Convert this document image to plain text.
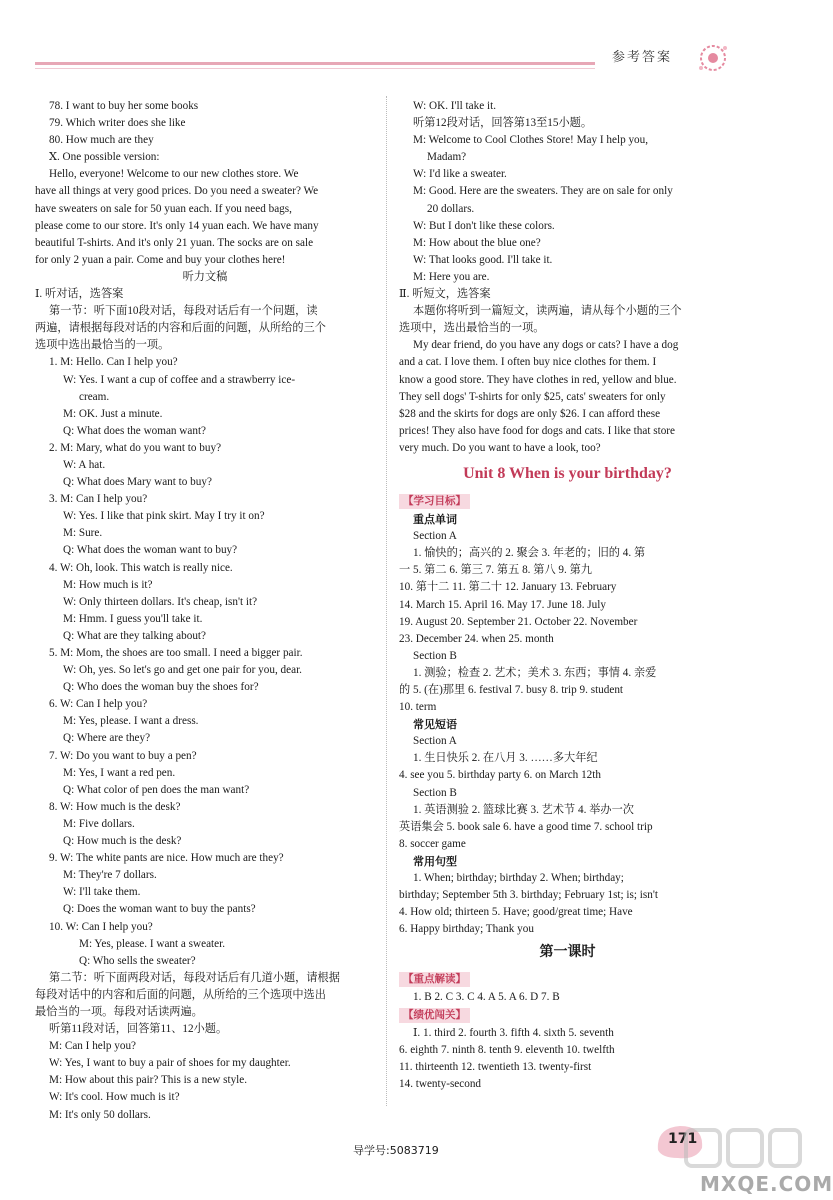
参考答案
78. I want to buy her some books
79. Which writer does she like
80. How much are they
Ⅹ. One possible version:
Hello, everyone! Welcome to our new clothes store. We
have all things at very good prices. Do you need a sweater? We
have sweaters on sale for 50 yuan each. If you need bags,
please come to our store. It's only 14 yuan each. We have many
beautiful T-shirts. And it's only 21 yuan. The socks are on sale
for only 2 yuan a pair. Come and buy your clothes here!
听力文稿
Ⅰ. 听对话，选答案
第一节：听下面10段对话，每段对话后有一个问题，读
两遍，请根据每段对话的内容和后面的问题，从所给的三个
选项中选出最恰当的一项。
1. M: Hello. Can I help you?
W: Yes. I want a cup of coffee and a strawberry ice-
cream.
M: OK. Just a minute.
Q: What does the woman want?
2. M: Mary, what do you want to buy?
W: A hat.
Q: What does Mary want to buy?
3. M: Can I help you?
W: Yes. I like that pink skirt. May I try it on?
M: Sure.
Q: What does the woman want to buy?
4. W: Oh, look. This watch is really nice.
M: How much is it?
W: Only thirteen dollars. It's cheap, isn't it?
M: Hmm. I guess you'll take it.
Q: What are they talking about?
5. M: Mom, the shoes are too small. I need a bigger pair.
W: Oh, yes. So let's go and get one pair for you, dear.
Q: Who does the woman buy the shoes for?
6. W: Can I help you?
M: Yes, please. I want a dress.
Q: Where are they?
7. W: Do you want to buy a pen?
M: Yes, I want a red pen.
Q: What color of pen does the man want?
8. W: How much is the desk?
M: Five dollars.
Q: How much is the desk?
9. W: The white pants are nice. How much are they?
M: They're 7 dollars.
W: I'll take them.
Q: Does the woman want to buy the pants?
10. W: Can I help you?
M: Yes, please. I want a sweater.
Q: Who sells the sweater?
第二节：听下面两段对话，每段对话后有几道小题，请根据
每段对话中的内容和后面的问题，从所给的三个选项中选出
最恰当的一项。每段对话读两遍。
听第11段对话，回答第11、12小题。
M: Can I help you?
W: Yes, I want to buy a pair of shoes for my daughter.
M: How about this pair? This is a new style.
W: It's cool. How much is it?
M: It's only 50 dollars.
W: OK. I'll take it.
听第12段对话，回答第13至15小题。
M: Welcome to Cool Clothes Store! May I help you,
Madam?
W: I'd like a sweater.
M: Good. Here are the sweaters. They are on sale for only
20 dollars.
W: But I don't like these colors.
M: How about the blue one?
W: That looks good. I'll take it.
M: Here you are.
Ⅱ. 听短文，选答案
本题你将听到一篇短文，读两遍，请从每个小题的三个
选项中，选出最恰当的一项。
My dear friend, do you have any dogs or cats? I have a dog
and a cat. I love them. I often buy nice clothes for them. I
know a good store. They have clothes in red, yellow and blue.
They sell dogs' T-shirts for only $25, cats' sweaters for only
$28 and the skirts for dogs are only $26. I can afford these
prices! They also have food for dogs and cats. I like that store
very much. Do you want to have a look, too?
Unit 8 When is your birthday?
【学习目标】
重点单词
Section A
1. 愉快的；高兴的 2. 聚会 3. 年老的；旧的 4. 第
一 5. 第二 6. 第三 7. 第五 8. 第八 9. 第九
10. 第十二 11. 第二十 12. January 13. February
14. March 15. April 16. May 17. June 18. July
19. August 20. September 21. October 22. November
23. December 24. when 25. month
Section B
1. 测验；检查 2. 艺术；美术 3. 东西；事情 4. 亲爱
的 5. (在)那里 6. festival 7. busy 8. trip 9. student
10. term
常见短语
Section A
1. 生日快乐 2. 在八月 3. ……多大年纪
4. see you 5. birthday party 6. on March 12th
Section B
1. 英语测验 2. 篮球比赛 3. 艺术节 4. 举办一次
英语集会 5. book sale 6. have a good time 7. school trip
8. soccer game
常用句型
1. When; birthday; birthday 2. When; birthday;
birthday; September 5th 3. birthday; February 1st; is; isn't
4. How old; thirteen 5. Have; good/great time; Have
6. Happy birthday; Thank you
第一课时
【重点解读】
1. B 2. C 3. C 4. A 5. A 6. D 7. B
【绩优闯关】
Ⅰ. 1. third 2. fourth 3. fifth 4. sixth 5. seventh
6. eighth 7. ninth 8. tenth 9. eleventh 10. twelfth
11. thirteenth 12. twentieth 13. twenty-first
14. twenty-second
导学号:5083719
171
MXQE.COM
